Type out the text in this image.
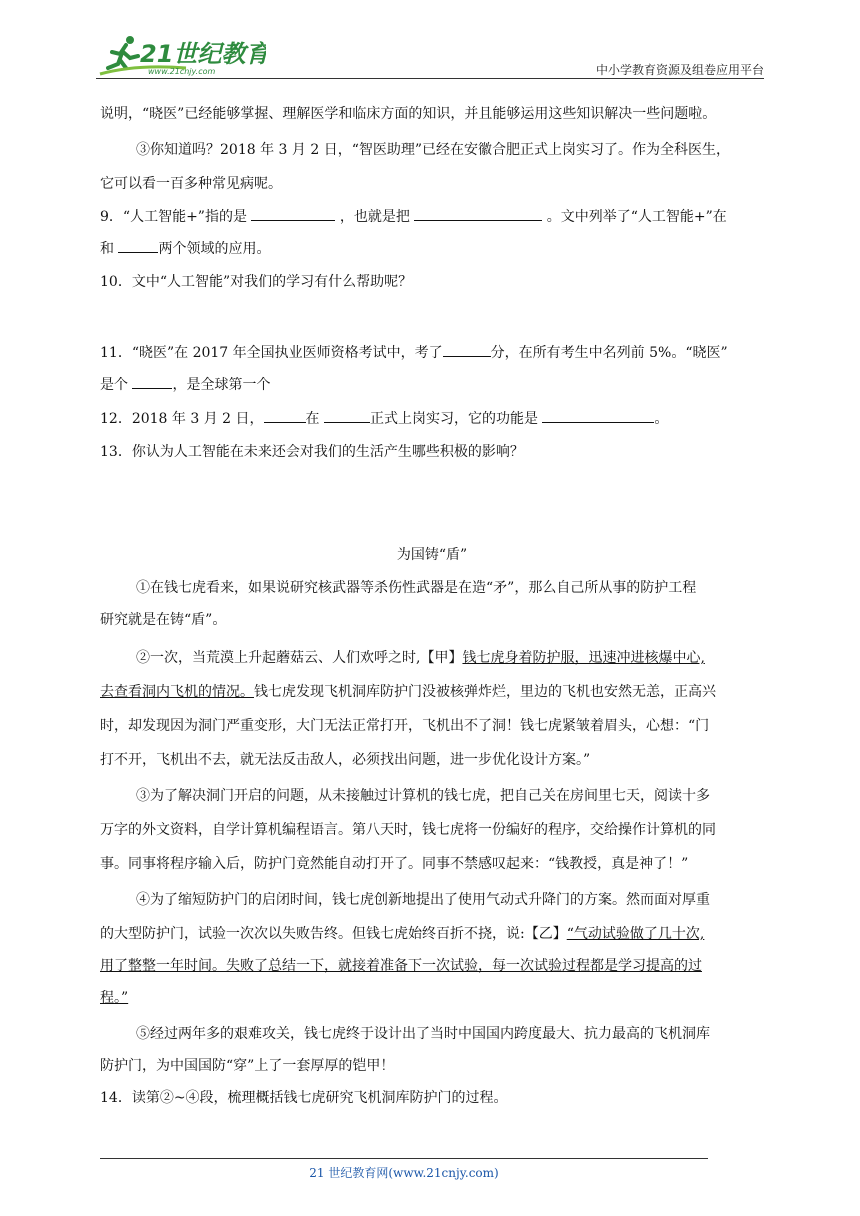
21世纪教育
www.21cnjy.com	中小学教育资源及组卷应用平台
说明，“晓医”已经能够掌握、理解医学和临床方面的知识，并且能够运用这些知识解决一些问题啦。
③你知道吗？2018 年 3 月 2 日，“智医助理”已经在安徽合肥正式上岗实习了。作为全科医生，
它可以看一百多种常见病呢。
9．“人工智能+”指的是	，也就是把	。文中列举了“人工智能+”在
和	两个领域的应用。
10．文中“人工智能”对我们的学习有什么帮助呢？
11．“晓医”在 2017 年全国执业医师资格考试中，考了	分，在所有考生中名列前 5%。“晓医”
是个	，是全球第一个
12．2018 年 3 月 2 日，	在	正式上岗实习，它的功能是	。
13．你认为人工智能在未来还会对我们的生活产生哪些积极的影响？
为国铸“盾”
①在钱七虎看来，如果说研究核武器等杀伤性武器是在造“矛”，那么自己所从事的防护工程
研究就是在铸“盾”。
②一次，当荒漠上升起蘑菇云、人们欢呼之时,【甲】钱七虎身着防护服，迅速冲进核爆中心,
去查看洞内飞机的情况。钱七虎发现飞机洞库防护门没被核弹炸烂，里边的飞机也安然无恙，正高兴
时，却发现因为洞门严重变形，大门无法正常打开，飞机出不了洞！钱七虎紧皱着眉头，心想：“门
打不开，飞机出不去，就无法反击敌人，必须找出问题，进一步优化设计方案。”
③为了解决洞门开启的问题，从未接触过计算机的钱七虎，把自己关在房间里七天，阅读十多
万字的外文资料，自学计算机编程语言。第八天时，钱七虎将一份编好的程序，交给操作计算机的同
事。同事将程序输入后，防护门竟然能自动打开了。同事不禁感叹起来：“钱教授，真是神了！”
④为了缩短防护门的启闭时间，钱七虎创新地提出了使用气动式升降门的方案。然而面对厚重
的大型防护门，试验一次次以失败告终。但钱七虎始终百折不挠，说:【乙】“气动试验做了几十次,
用了整整一年时间。失败了总结一下，就接着准备下一次试验，每一次试验过程都是学习提高的过
程。”
⑤经过两年多的艰难攻关，钱七虎终于设计出了当时中国国内跨度最大、抗力最高的飞机洞库
防护门，为中国国防“穿”上了一套厚厚的铠甲！
14．读第②~④段，梳理概括钱七虎研究飞机洞库防护门的过程。
21 世纪教育网(www.21cnjy.com)
